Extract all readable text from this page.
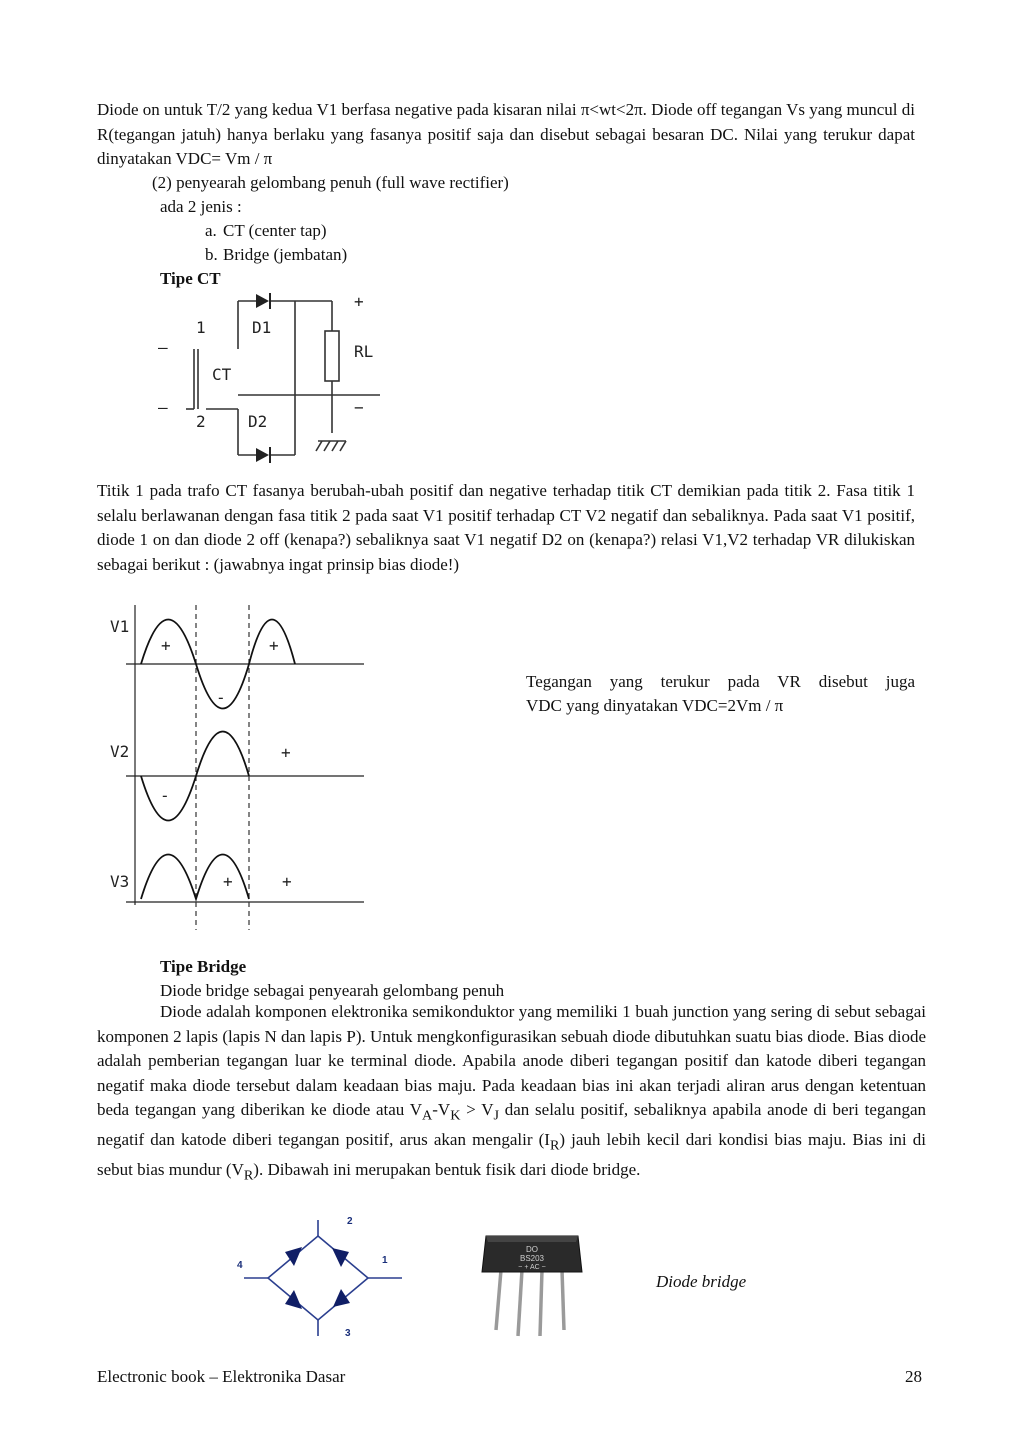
Diode on untuk T/2 yang kedua V1 berfasa negative pada kisaran nilai π<wt<2π. Diode off tegangan Vs yang muncul di R(tegangan jatuh) hanya berlaku yang fasanya positif saja dan disebut sebagai besaran DC. Nilai yang terukur dapat dinyatakan VDC= Vm / π

(2) penyearah gelombang penuh (full wave rectifier)
ada 2 jenis :
a. CT (center tap)
b. Bridge (jembatan)
Tipe CT
1	D1
CT
2	D2
RL
+
−
—
—

Titik 1 pada trafo CT fasanya berubah-ubah positif dan negative terhadap titik CT demikian pada titik 2. Fasa titik 1 selalu berlawanan dengan fasa titik 2 pada saat V1 positif terhadap CT V2 negatif dan sebaliknya. Pada saat V1 positif, diode 1 on dan diode 2 off (kenapa?) sebaliknya saat V1 negatif D2 on (kenapa?) relasi V1,V2 terhadap VR dilukiskan sebagai berikut : (jawabnya ingat prinsip bias diode!)

V1
V2
V3
+
-
+
+
-
+	+
Tegangan yang terukur pada VR disebut juga
VDC yang dinyatakan VDC=2Vm / π
Tipe Bridge
Diode bridge sebagai penyearah gelombang penuh

Diode adalah komponen elektronika semikonduktor yang memiliki 1 buah junction yang sering di sebut sebagai komponen 2 lapis (lapis N dan lapis P). Untuk mengkonfigurasikan sebuah diode dibutuhkan suatu bias diode. Bias diode adalah pemberian tegangan luar ke terminal diode. Apabila anode diberi tegangan positif dan katode diberi tegangan negatif maka diode tersebut dalam keadaan bias maju. Pada keadaan bias ini akan terjadi aliran arus dengan ketentuan beda tegangan yang diberikan ke diode atau $V_A-V_K > V_J$ dan selalu positif, sebaliknya apabila anode di beri tegangan negatif dan katode diberi tegangan positif, arus akan mengalir $(I_R)$ jauh lebih kecil dari kondisi bias maju. Bias ini di sebut bias mundur $(V_R)$. Dibawah ini merupakan bentuk fisik dari diode bridge.

2
1
4
3
DO
BS203
~ + AC ~
Diode bridge
Electronic book – Elektronika Dasar	28
